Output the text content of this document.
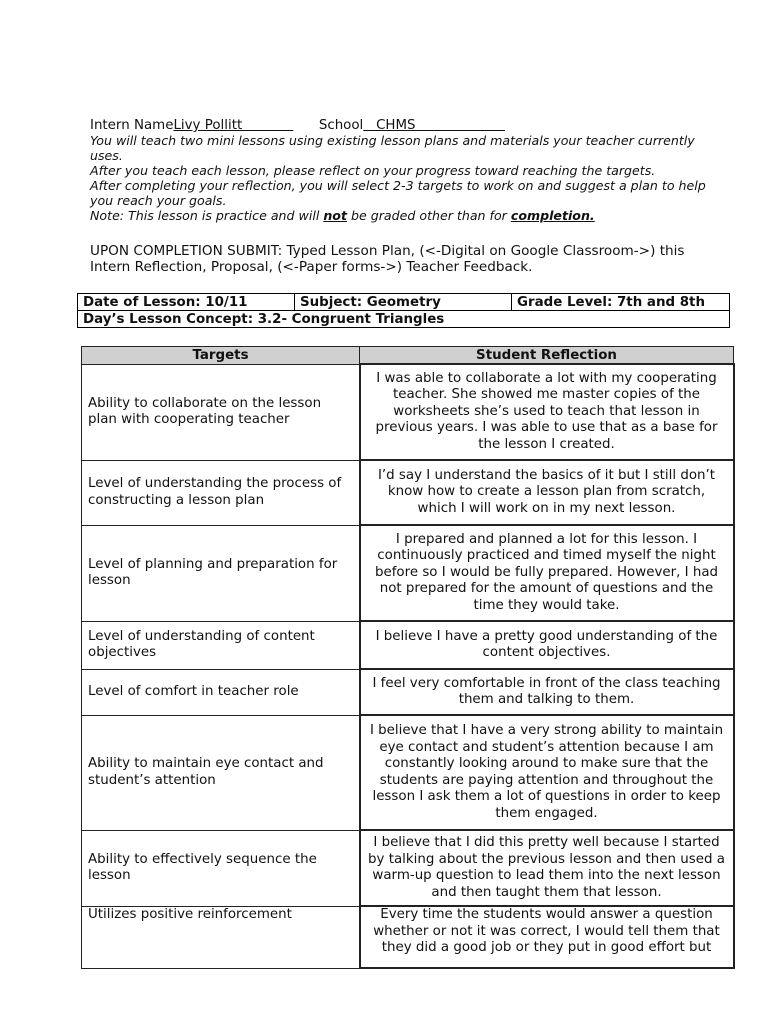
Intern Name Livy Pollitt
School CHMS
You will teach two mini lessons using existing lesson plans and materials your teacher currently uses.
After you teach each lesson, please reflect on your progress toward reaching the targets.
After completing your reflection, you will select 2-3 targets to work on and suggest a plan to help you reach your goals.
Note: This lesson is practice and will not be graded other than for completion.
UPON COMPLETION SUBMIT: Typed Lesson Plan, (<-Digital on Google Classroom->) this Intern Reflection, Proposal, (<-Paper forms->) Teacher Feedback.
Date of Lesson: 10/11	Subject: Geometry	Grade Level: 7th and 8th
Day’s Lesson Concept: 3.2- Congruent Triangles
Targets	Student Reflection
Ability to collaborate on the lesson plan with cooperating teacher	I was able to collaborate a lot with my cooperating teacher. She showed me master copies of the worksheets she’s used to teach that lesson in previous years. I was able to use that as a base for the lesson I created.
Level of understanding the process of constructing a lesson plan	I’d say I understand the basics of it but I still don’t know how to create a lesson plan from scratch, which I will work on in my next lesson.
Level of planning and preparation for lesson	I prepared and planned a lot for this lesson. I continuously practiced and timed myself the night before so I would be fully prepared. However, I had not prepared for the amount of questions and the time they would take.
Level of understanding of content objectives	I believe I have a pretty good understanding of the content objectives.
Level of comfort in teacher role	I feel very comfortable in front of the class teaching them and talking to them.
Ability to maintain eye contact and student’s attention	I believe that I have a very strong ability to maintain eye contact and student’s attention because I am constantly looking around to make sure that the students are paying attention and throughout the lesson I ask them a lot of questions in order to keep them engaged.
Ability to effectively sequence the lesson	I believe that I did this pretty well because I started by talking about the previous lesson and then used a warm-up question to lead them into the next lesson and then taught them that lesson.
Utilizes positive reinforcement	Every time the students would answer a question whether or not it was correct, I would tell them that they did a good job or they put in good effort but
